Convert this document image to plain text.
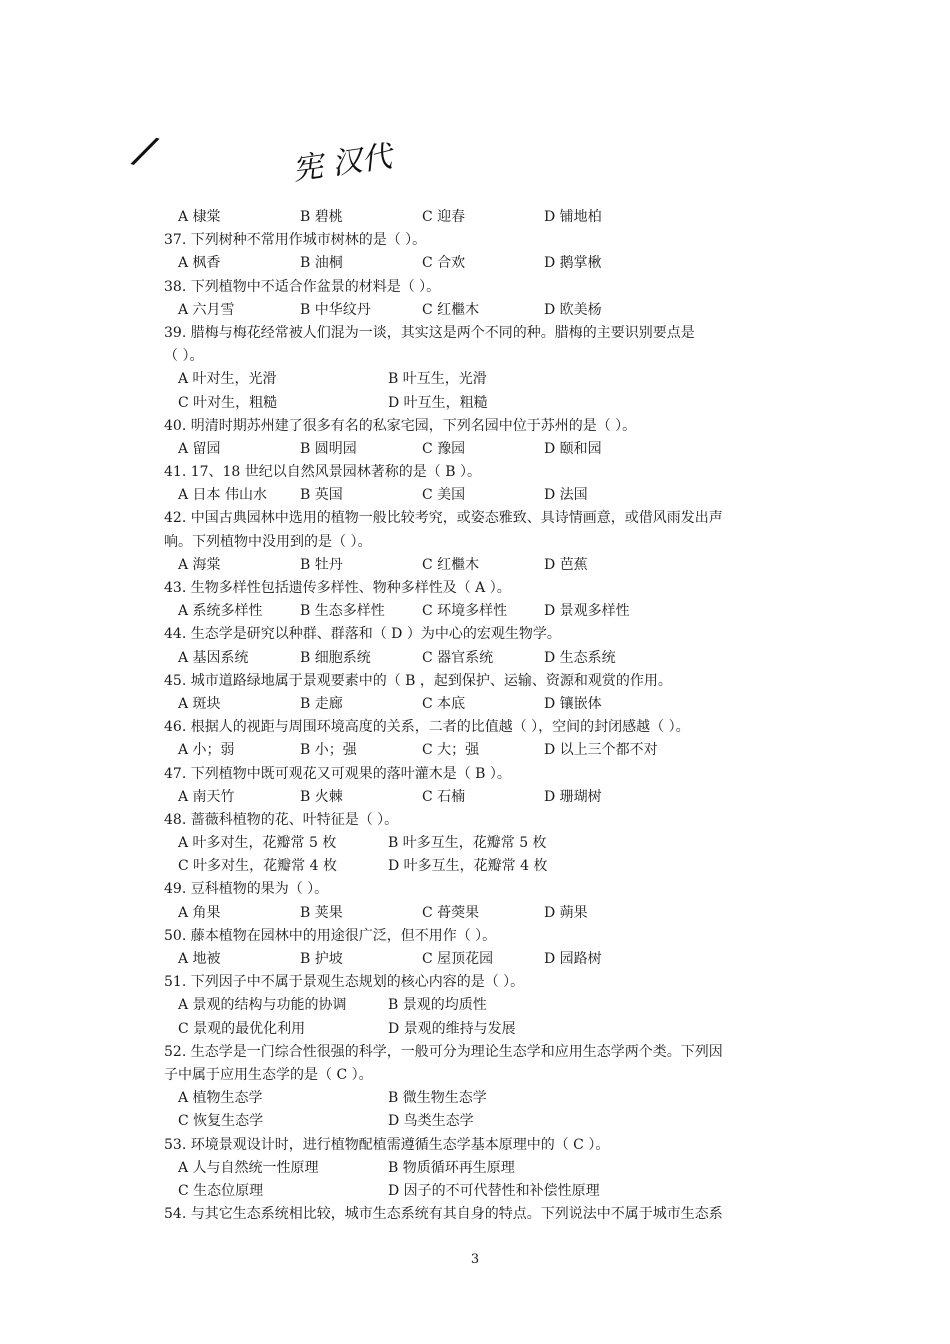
/	宪 汉代
A 棣棠	B 碧桃	C 迎春	D 铺地柏
37. 下列树种不常用作城市树林的是（ ）。
A 枫香	B 油桐	C 合欢	D 鹅掌楸
38. 下列植物中不适合作盆景的材料是（ ）。
A 六月雪	B 中华纹丹	C 红檵木	D 欧美杨
39. 腊梅与梅花经常被人们混为一谈，其实这是两个不同的种。腊梅的主要识别要点是
（ ）。
A 叶对生，光滑	B 叶互生，光滑
C 叶对生，粗糙	D 叶互生，粗糙
40. 明清时期苏州建了很多有名的私家宅园，下列名园中位于苏州的是（ ）。
A 留园	B 圆明园	C 豫园	D 颐和园
41. 17、18 世纪以自然风景园林著称的是（ B ）。
A 日本 伟山水	B 英国	C 美国	D 法国
42. 中国古典园林中选用的植物一般比较考究，或姿态雅致、具诗情画意，或借风雨发出声
响。下列植物中没用到的是（ ）。
A 海棠	B 牡丹	C 红檵木	D 芭蕉
43. 生物多样性包括遗传多样性、物种多样性及（ A ）。
A 系统多样性	B 生态多样性	C 环境多样性	D 景观多样性
44. 生态学是研究以种群、群落和（ D ）为中心的宏观生物学。
A 基因系统	B 细胞系统	C 器官系统	D 生态系统
45. 城市道路绿地属于景观要素中的（ B ，起到保护、运输、资源和观赏的作用。
A 斑块	B 走廊	C 本底	D 镶嵌体
46. 根据人的视距与周围环境高度的关系，二者的比值越（ ），空间的封闭感越（ ）。
A 小；弱	B 小；强	C 大；强	D 以上三个都不对
47. 下列植物中既可观花又可观果的落叶灌木是（ B ）。
A 南天竹	B 火棘	C 石楠	D 珊瑚树
48. 蔷薇科植物的花、叶特征是（ ）。
A 叶多对生，花瓣常 5 枚	B 叶多互生，花瓣常 5 枚
C 叶多对生，花瓣常 4 枚	D 叶多互生，花瓣常 4 枚
49. 豆科植物的果为（ ）。
A 角果	B 荚果	C 蓇葖果	D 蒴果
50. 藤本植物在园林中的用途很广泛，但不用作（ ）。
A 地被	B 护坡	C 屋顶花园	D 园路树
51. 下列因子中不属于景观生态规划的核心内容的是（ ）。
A 景观的结构与功能的协调	B 景观的均质性
C 景观的最优化利用	D 景观的维持与发展
52. 生态学是一门综合性很强的科学，一般可分为理论生态学和应用生态学两个类。下列因
子中属于应用生态学的是（ C ）。
A 植物生态学	B 微生物生态学
C 恢复生态学	D 鸟类生态学
53. 环境景观设计时，进行植物配植需遵循生态学基本原理中的（ C ）。
A 人与自然统一性原理	B 物质循环再生原理
C 生态位原理	D 因子的不可代替性和补偿性原理
54. 与其它生态系统相比较，城市生态系统有其自身的特点。下列说法中不属于城市生态系
3
